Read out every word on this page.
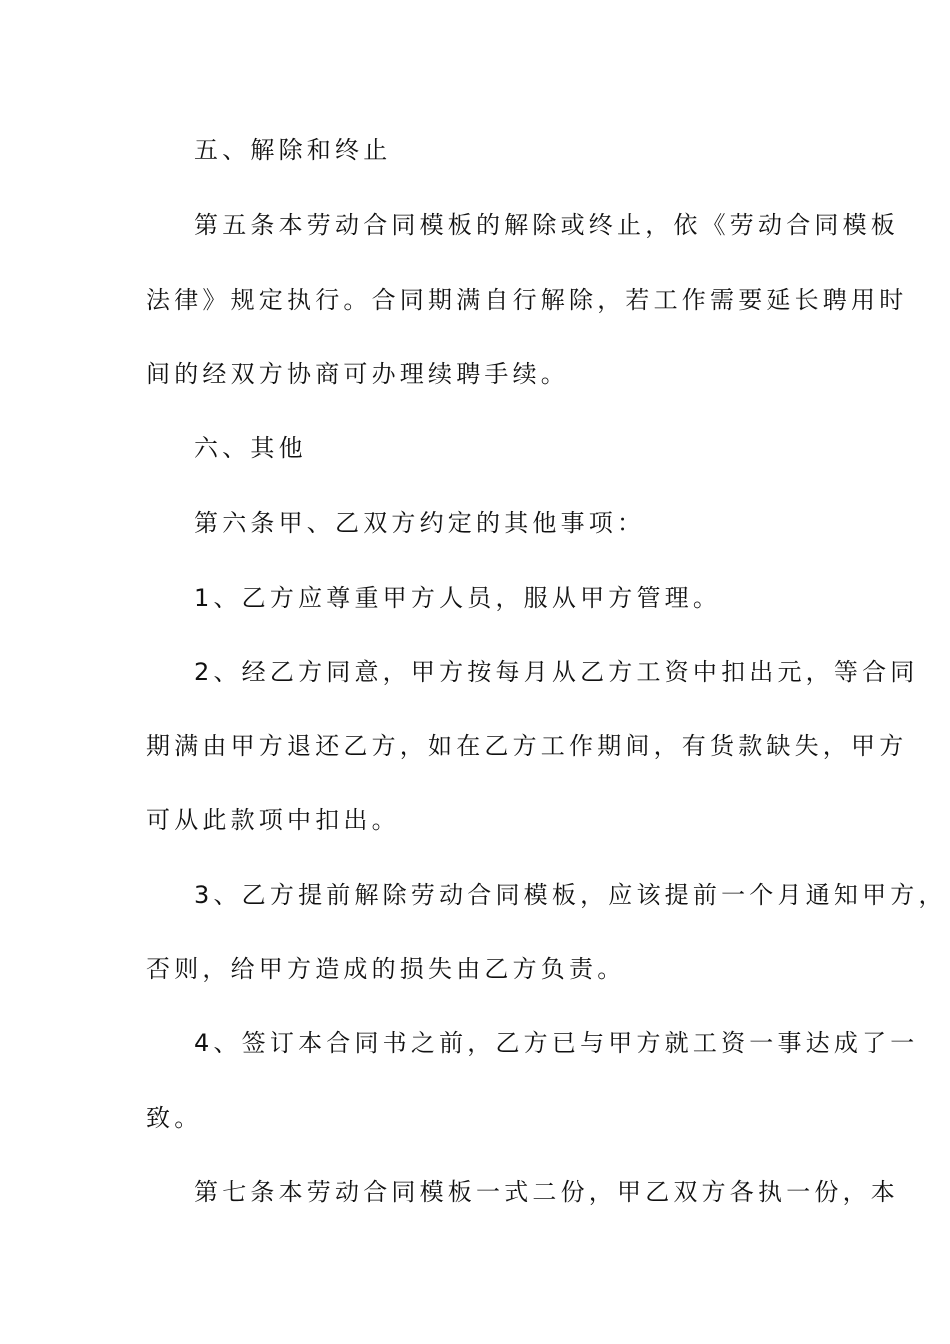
五、解除和终止
第五条本劳动合同模板的解除或终止，依《劳动合同模板
法律》规定执行。合同期满自行解除，若工作需要延长聘用时
间的经双方协商可办理续聘手续。
六、其他
第六条甲、乙双方约定的其他事项：
1、乙方应尊重甲方人员，服从甲方管理。
2、经乙方同意，甲方按每月从乙方工资中扣出元，等合同
期满由甲方退还乙方，如在乙方工作期间，有货款缺失，甲方
可从此款项中扣出。
3、乙方提前解除劳动合同模板，应该提前一个月通知甲方，
否则，给甲方造成的损失由乙方负责。
4、签订本合同书之前，乙方已与甲方就工资一事达成了一
致。
第七条本劳动合同模板一式二份，甲乙双方各执一份，本
